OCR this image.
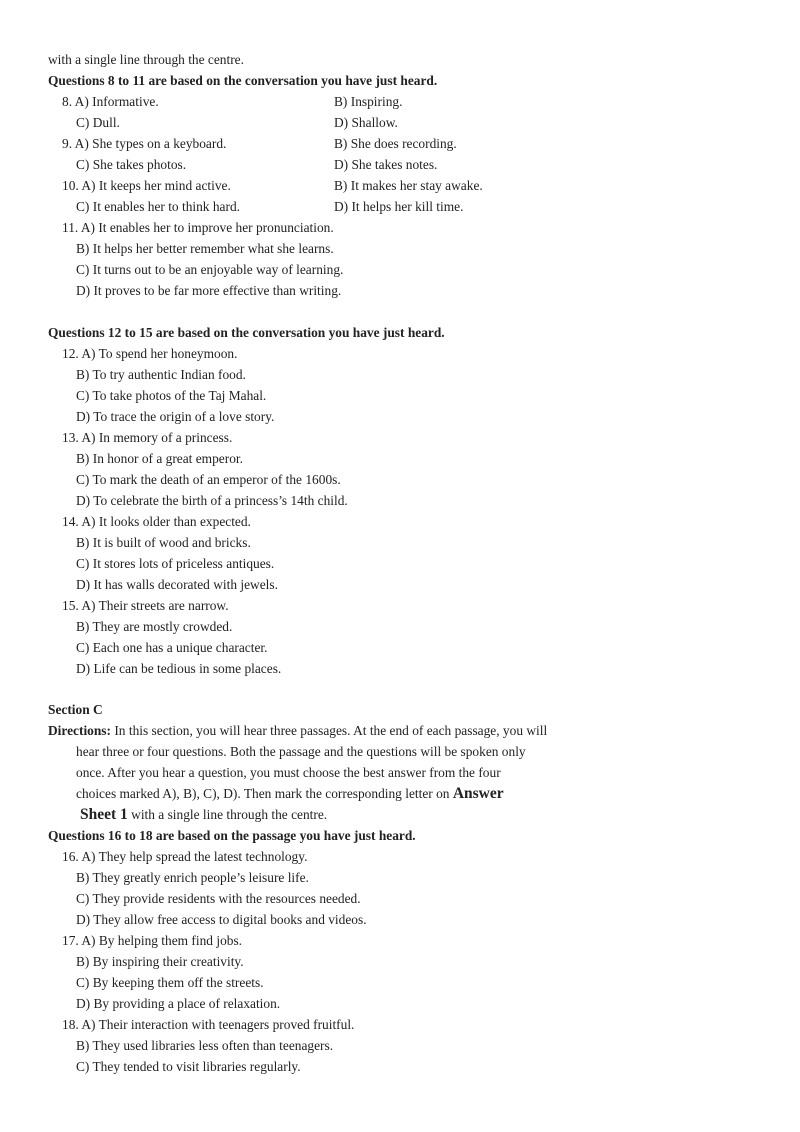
with a single line through the centre.
Questions 8 to 11 are based on the conversation you have just heard.
8. A) Informative.	B) Inspiring.
C) Dull.	D) Shallow.
9. A) She types on a keyboard.	B) She does recording.
C) She takes photos.	D) She takes notes.
10. A) It keeps her mind active.	B) It makes her stay awake.
C) It enables her to think hard.	D) It helps her kill time.
11. A) It enables her to improve her pronunciation.
B) It helps her better remember what she learns.
C) It turns out to be an enjoyable way of learning.
D) It proves to be far more effective than writing.
Questions 12 to 15 are based on the conversation you have just heard.
12. A) To spend her honeymoon.
B) To try authentic Indian food.
C) To take photos of the Taj Mahal.
D) To trace the origin of a love story.
13. A) In memory of a princess.
B) In honor of a great emperor.
C) To mark the death of an emperor of the 1600s.
D) To celebrate the birth of a princess’s 14th child.
14. A) It looks older than expected.
B) It is built of wood and bricks.
C) It stores lots of priceless antiques.
D) It has walls decorated with jewels.
15. A) Their streets are narrow.
B) They are mostly crowded.
C) Each one has a unique character.
D) Life can be tedious in some places.
Section C
Directions: In this section, you will hear three passages. At the end of each passage, you will
hear three or four questions. Both the passage and the questions will be spoken only
once. After you hear a question, you must choose the best answer from the four
choices marked A), B), C), D). Then mark the corresponding letter on Answer
Sheet 1 with a single line through the centre.
Questions 16 to 18 are based on the passage you have just heard.
16. A) They help spread the latest technology.
B) They greatly enrich people’s leisure life.
C) They provide residents with the resources needed.
D) They allow free access to digital books and videos.
17. A) By helping them find jobs.
B) By inspiring their creativity.
C) By keeping them off the streets.
D) By providing a place of relaxation.
18. A) Their interaction with teenagers proved fruitful.
B) They used libraries less often than teenagers.
C) They tended to visit libraries regularly.
